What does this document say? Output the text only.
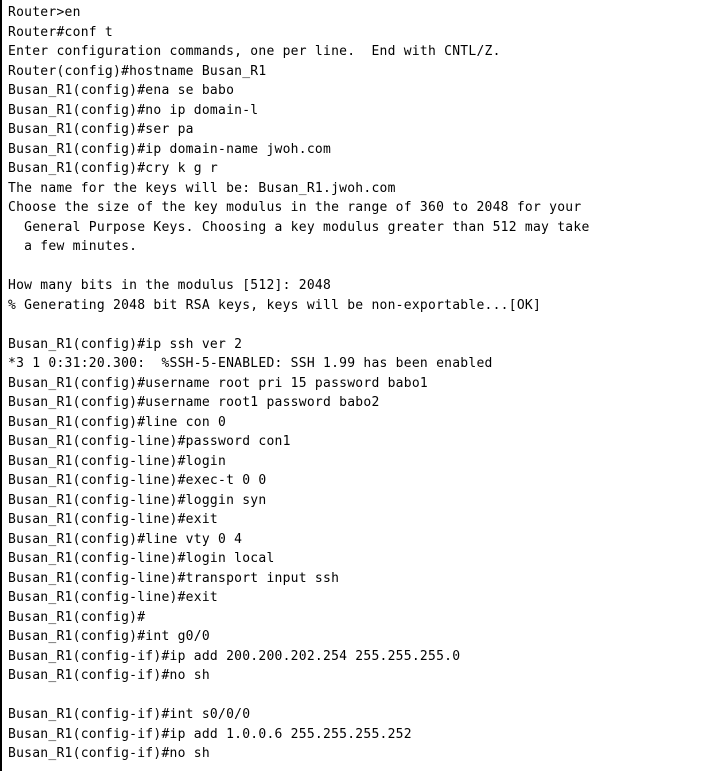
Router>en
Router#conf t
Enter configuration commands, one per line.  End with CNTL/Z.
Router(config)#hostname Busan_R1
Busan_R1(config)#ena se babo
Busan_R1(config)#no ip domain-l
Busan_R1(config)#ser pa
Busan_R1(config)#ip domain-name jwoh.com
Busan_R1(config)#cry k g r
The name for the keys will be: Busan_R1.jwoh.com
Choose the size of the key modulus in the range of 360 to 2048 for your
General Purpose Keys. Choosing a key modulus greater than 512 may take
a few minutes.
How many bits in the modulus [512]: 2048
% Generating 2048 bit RSA keys, keys will be non-exportable...[OK]
Busan_R1(config)#ip ssh ver 2
*3 1 0:31:20.300:  %SSH-5-ENABLED: SSH 1.99 has been enabled
Busan_R1(config)#username root pri 15 password babo1
Busan_R1(config)#username root1 password babo2
Busan_R1(config)#line con 0
Busan_R1(config-line)#password con1
Busan_R1(config-line)#login
Busan_R1(config-line)#exec-t 0 0
Busan_R1(config-line)#loggin syn
Busan_R1(config-line)#exit
Busan_R1(config)#line vty 0 4
Busan_R1(config-line)#login local
Busan_R1(config-line)#transport input ssh
Busan_R1(config-line)#exit
Busan_R1(config)#
Busan_R1(config)#int g0/0
Busan_R1(config-if)#ip add 200.200.202.254 255.255.255.0
Busan_R1(config-if)#no sh
Busan_R1(config-if)#int s0/0/0
Busan_R1(config-if)#ip add 1.0.0.6 255.255.255.252
Busan_R1(config-if)#no sh
